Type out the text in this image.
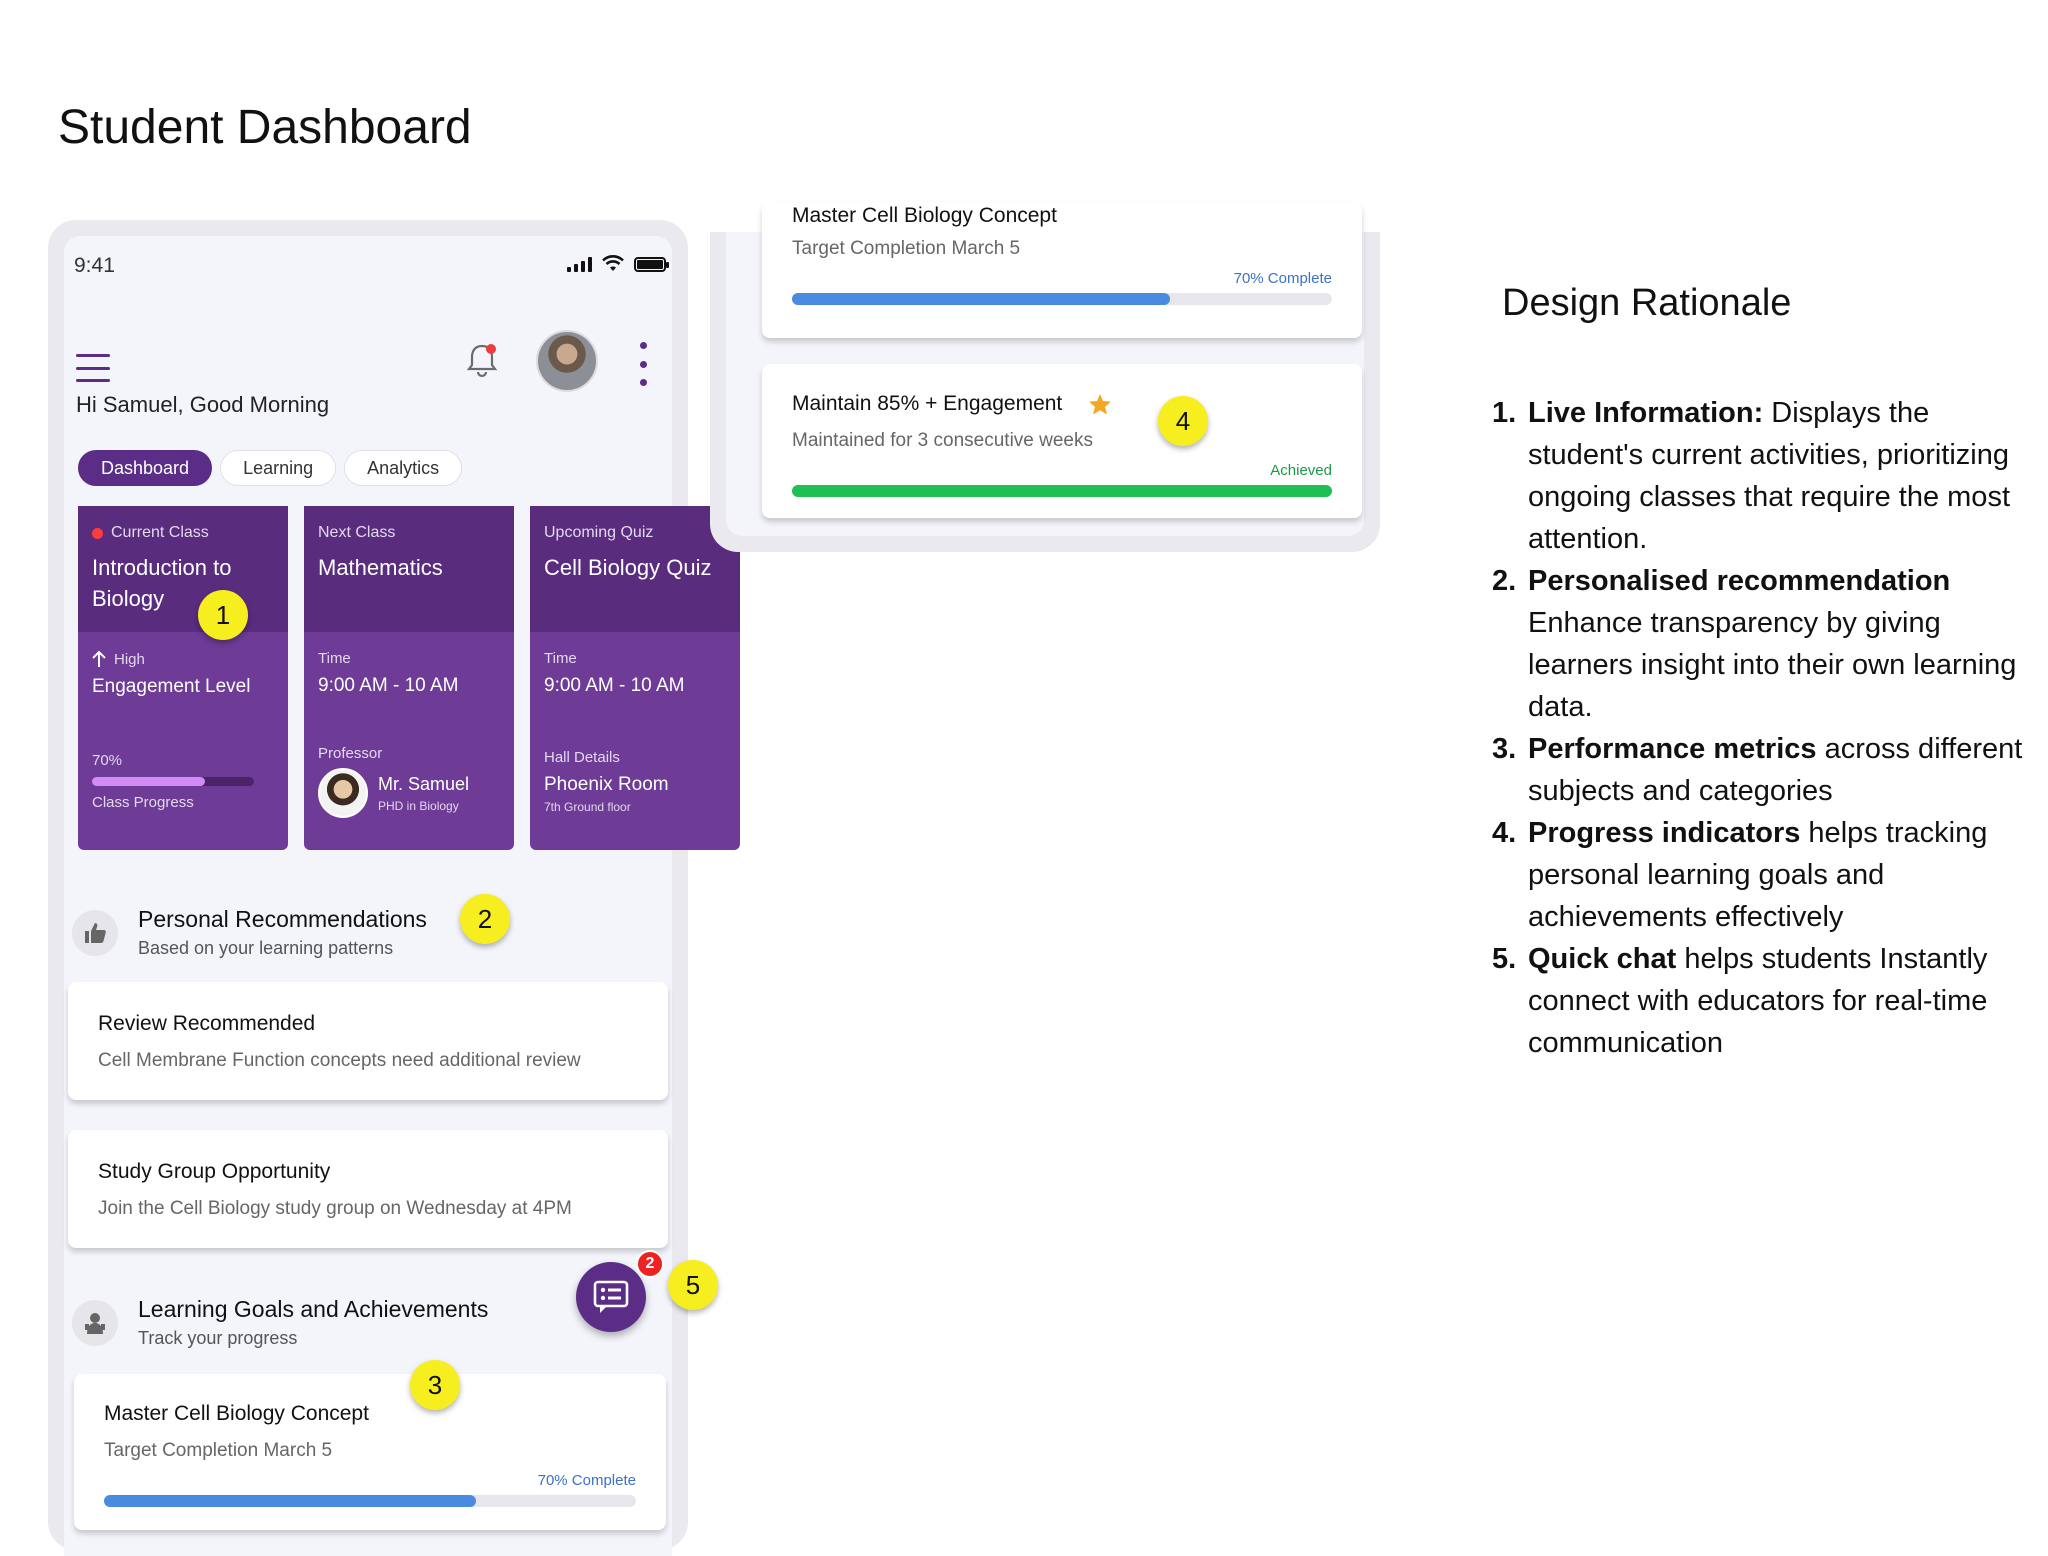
Student Dashboard
9:41
Hi Samuel, Good Morning
Dashboard	Learning	Analytics
Current Class
Introduction to Biology
High
Engagement Level
70%
Class Progress
Next Class
Mathematics
Time
9:00 AM - 10 AM
Professor
Mr. Samuel
PHD in Biology
Upcoming Quiz
Cell Biology Quiz
Time
9:00 AM - 10 AM
Hall Details
Phoenix Room
7th Ground floor
Personal Recommendations
Based on your learning patterns
Review Recommended
Cell Membrane Function concepts need additional review
Study Group Opportunity
Join the Cell Biology study group on Wednesday at 4PM
Learning Goals and Achievements
Track your progress
Master Cell Biology Concept
Target Completion March 5
70% Complete
2
Master Cell Biology Concept
Target Completion March 5
70% Complete
Maintain 85% + Engagement
Maintained for 3 consecutive weeks
Achieved
1
2
3
4
5
Design Rationale
1. Live Information: Displays the student's current activities, prioritizing ongoing classes that require the most attention.
2. Personalised recommendation Enhance transparency by giving learners insight into their own learning data.
3. Performance metrics across different subjects and categories
4. Progress indicators helps tracking personal learning goals and achievements effectively
5. Quick chat helps students Instantly connect with educators for real-time communication
